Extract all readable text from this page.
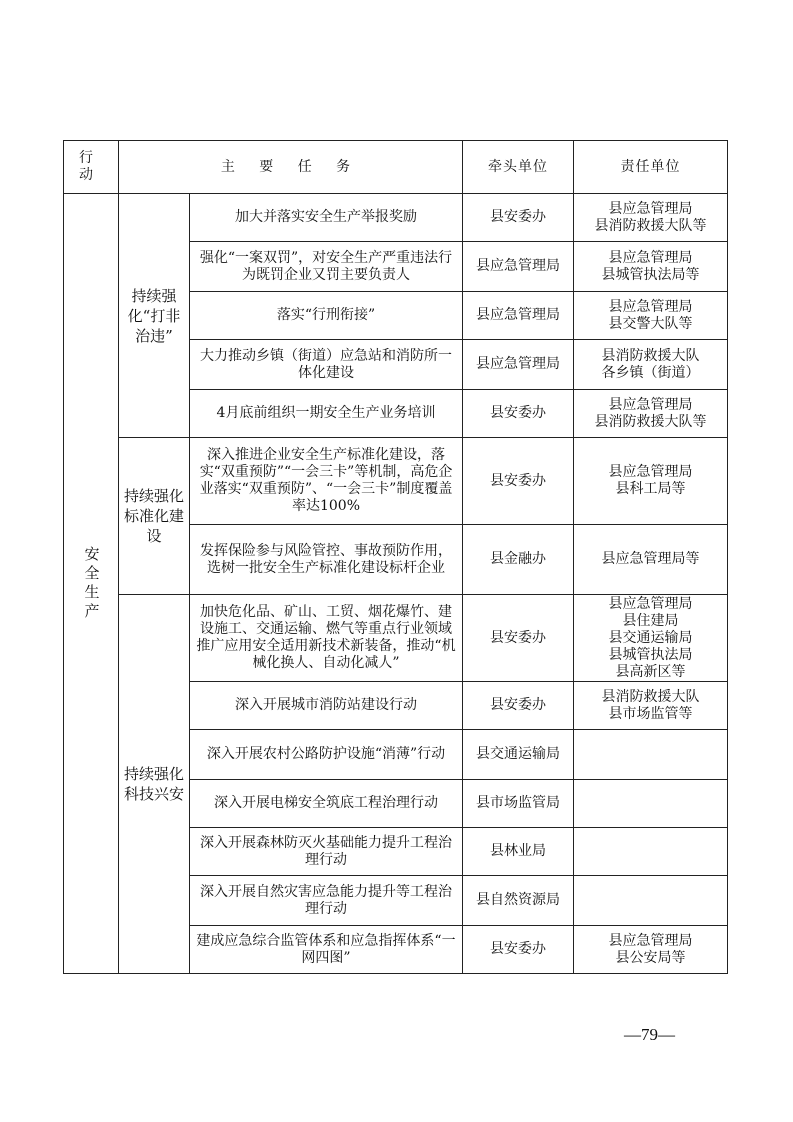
行 动	主 要 任 务		牵头单位	责任单位

安全生产	持续强化“打非治违”	加大并落实安全生产举报奖励	县安委办	县应急管理局
县消防救援大队等
		强化“一案双罚”，对安全生产严重违法行为既罚企业又罚主要负责人	县应急管理局	县应急管理局
县城管执法局等
		落实“行刑衔接”	县应急管理局	县应急管理局
县交警大队等
		大力推动乡镇（街道）应急站和消防所一体化建设	县应急管理局	县消防救援大队
各乡镇（街道）
		4月底前组织一期安全生产业务培训	县安委办	县应急管理局
县消防救援大队等

	持续强化标准化建设	深入推进企业安全生产标准化建设，落实“双重预防”“一会三卡”等机制，高危企业落实“双重预防”、“一会三卡”制度覆盖率达100%	县安委办	县应急管理局
县科工局等
		发挥保险参与风险管控、事故预防作用，选树一批安全生产标准化建设标杆企业	县金融办	县应急管理局等

	持续强化科技兴安	加快危化品、矿山、工贸、烟花爆竹、建设施工、交通运输、燃气等重点行业领域推广应用安全适用新技术新装备，推动“机械化换人、自动化减人”	县安委办	县应急管理局
县住建局
县交通运输局
县城管执法局
县高新区等
		深入开展城市消防站建设行动	县安委办	县消防救援大队
县市场监管等
		深入开展农村公路防护设施“消薄”行动	县交通运输局	
		深入开展电梯安全筑底工程治理行动	县市场监管局	
		深入开展森林防灭火基础能力提升工程治理行动	县林业局	
		深入开展自然灾害应急能力提升等工程治理行动	县自然资源局	
		建成应急综合监管体系和应急指挥体系“一网四图”	县安委办	县应急管理局
县公安局等
—79—
